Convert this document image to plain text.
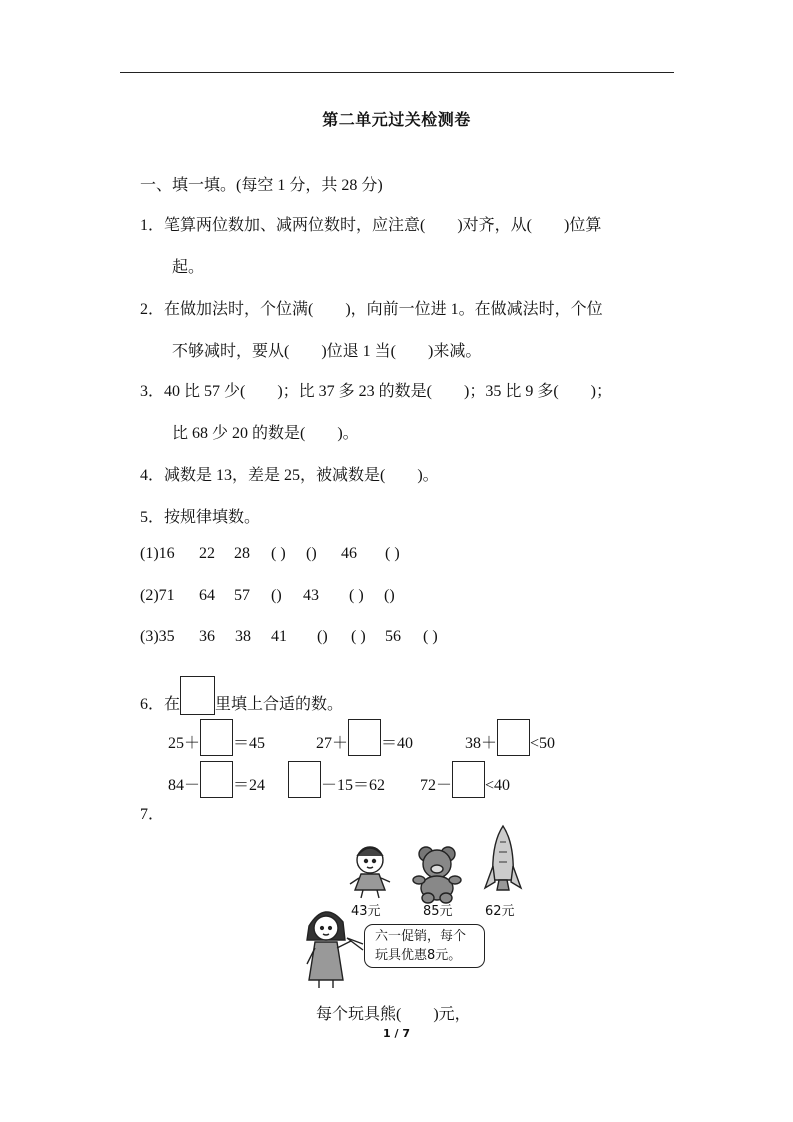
第二单元过关检测卷
一、填一填。(每空 1 分，共 28 分)
1．笔算两位数加、减两位数时，应注意(　　)对齐，从(　　)位算
起。
2．在做加法时，个位满(　　)，向前一位进 1。在做减法时，个位
不够减时，要从(　　)位退 1 当(　　)来减。
3．40 比 57 少(　　)；比 37 多 23 的数是(　　)；35 比 9 多(　　)；
比 68 少 20 的数是(　　)。
4．减数是 13，差是 25，被减数是(　　)。
5．按规律填数。
(1)16 22 28 ( ) () 46 ( )
(2)71 64 57 () 43 ( ) ()
(3)35 36 38 41 () ( ) 56 ( )
6．在 里填上合适的数。
25＋ ＝45	27＋ ＝40	38＋ <50
84－ ＝24	－15＝62 72－ <40
7．
43元	85元 62元
六一促销，每个
玩具优惠8元。
每个玩具熊(　　)元，
1 / 7
